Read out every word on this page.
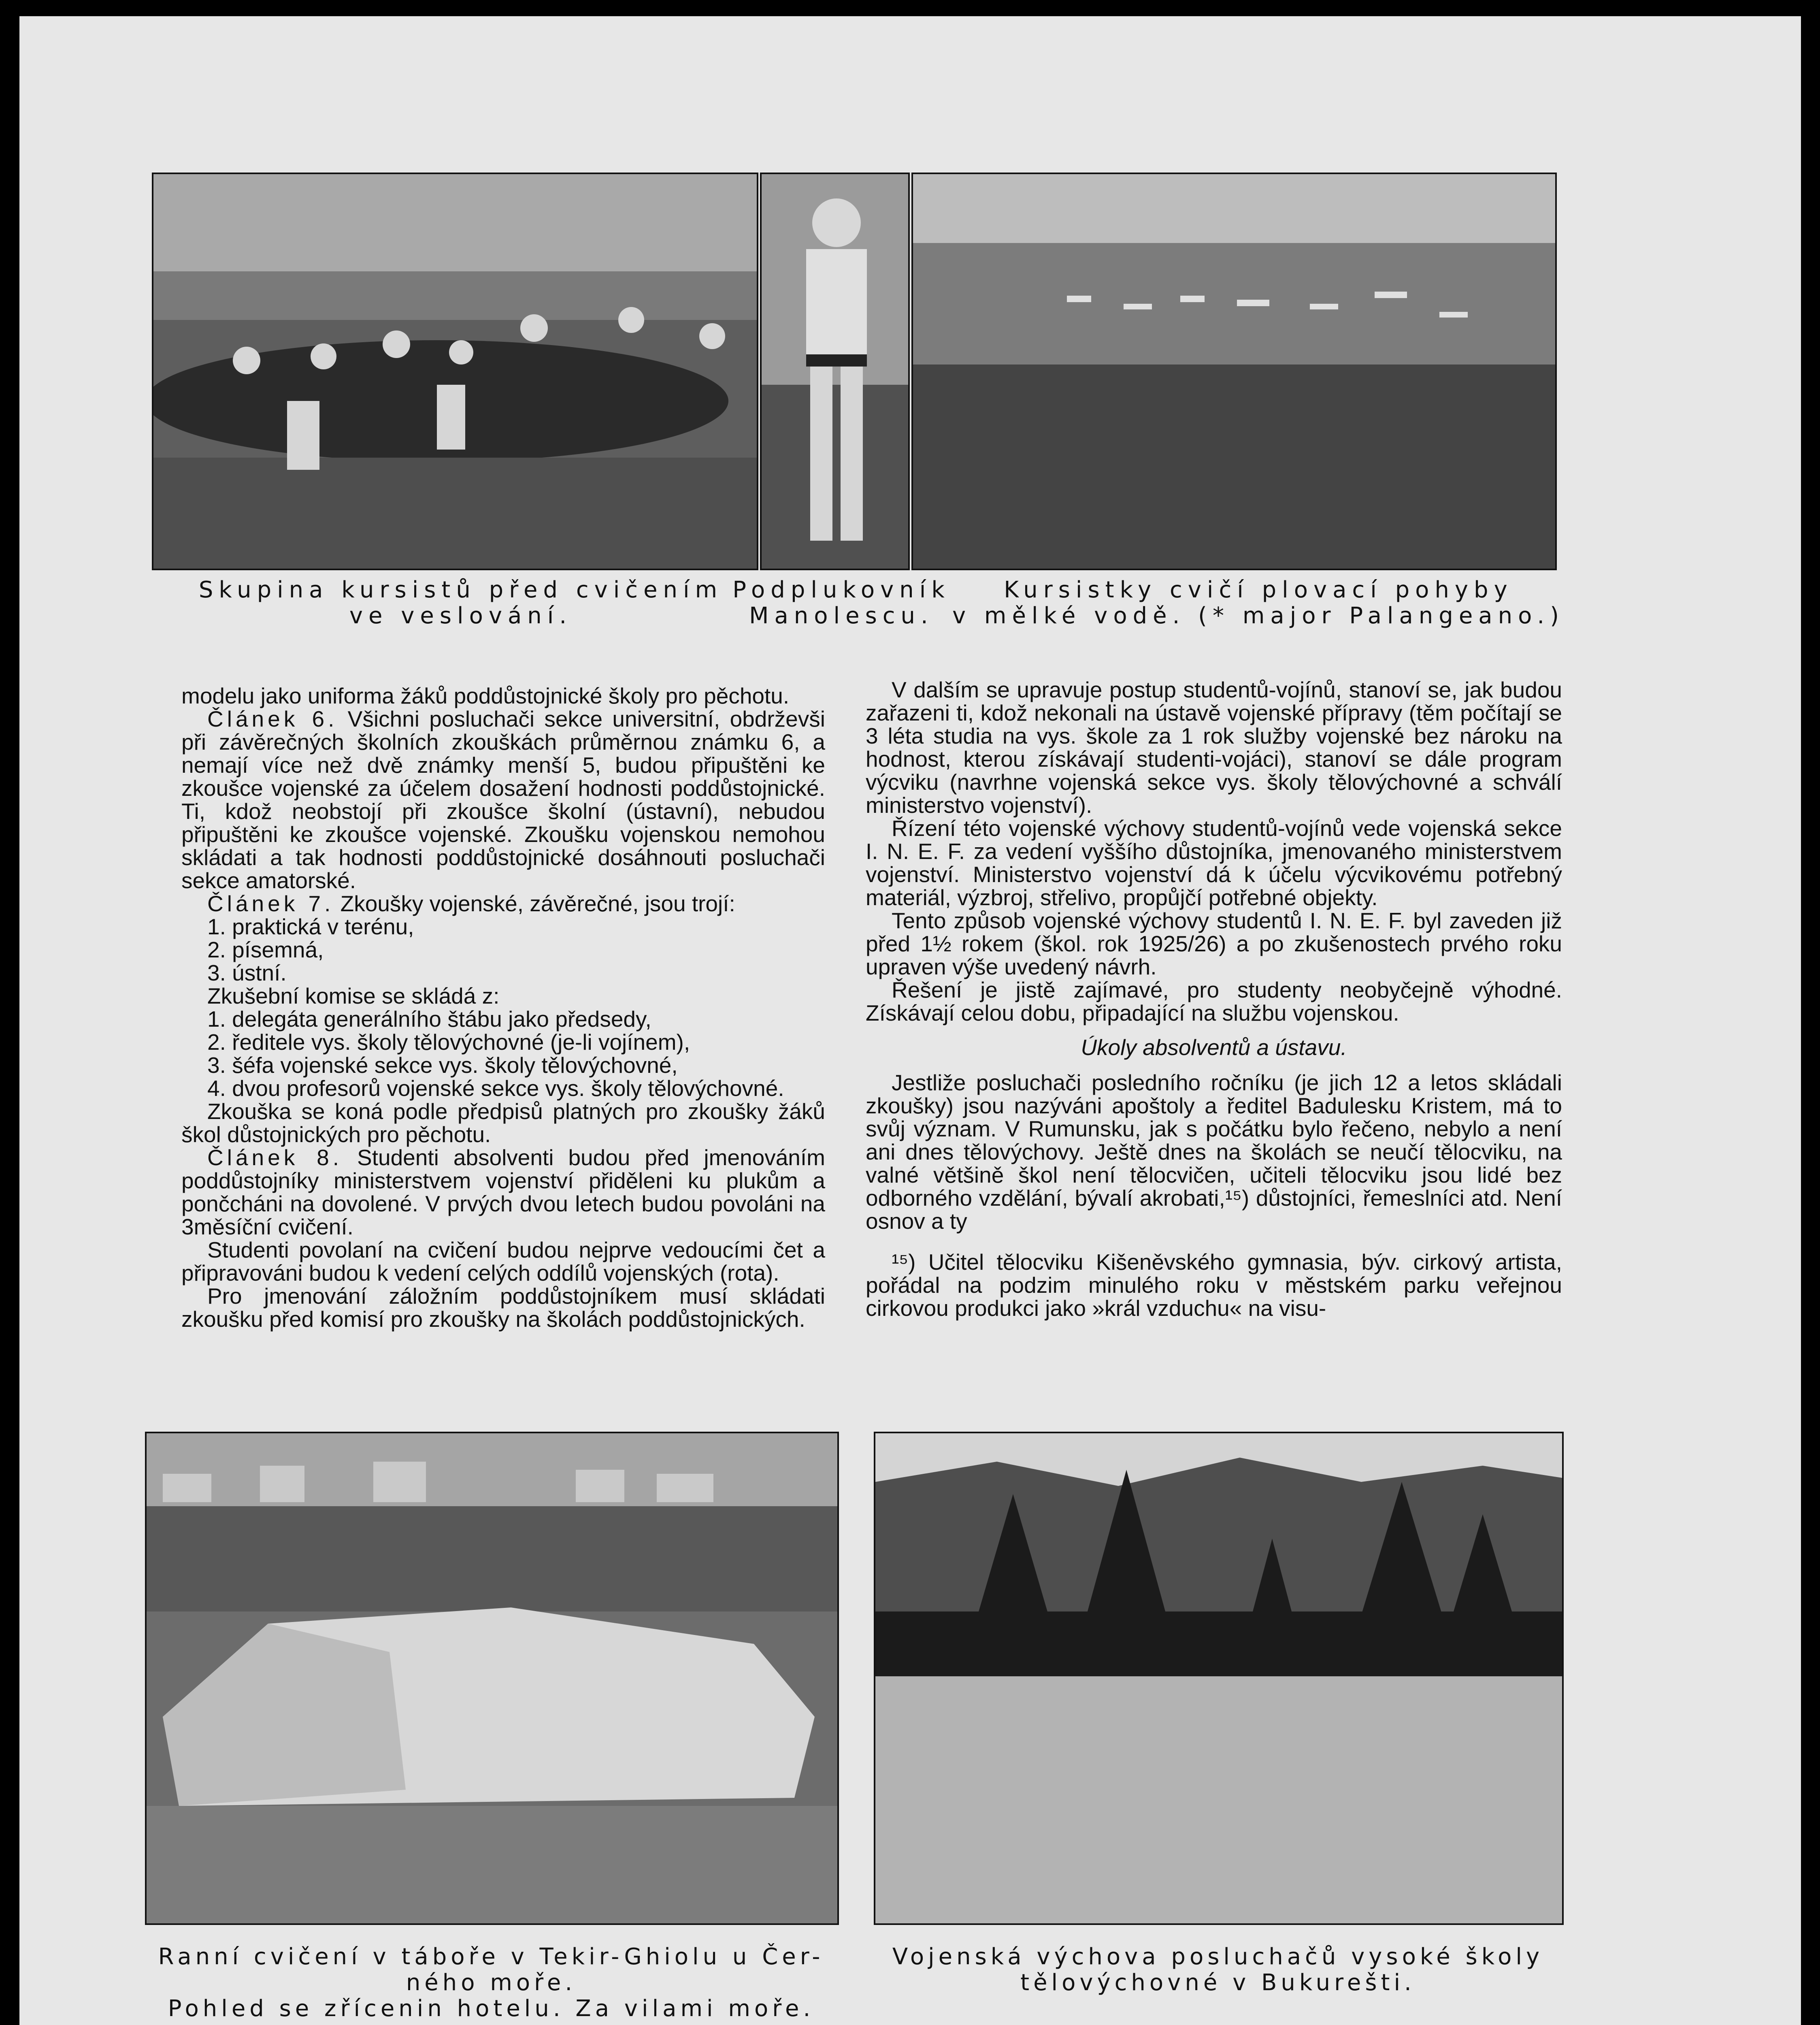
Skupina kursistů před cvičením
ve veslování.
Podplukovník
Manolescu.
Kursistky cvičí plovací pohyby
v mělké vodě. (* major Palangeano.)

modelu jako uniforma žáků poddůstojnické školy pro pěchotu.

Článek 6. Všichni posluchači sekce universitní, obdrževši při závěrečných školních zkouškách průměrnou známku 6, a nemají více než dvě známky menší 5, budou připuštěni ke zkoušce vojenské za účelem dosažení hodnosti poddůstojnické. Ti, kdož neobstojí při zkoušce školní (ústavní), nebudou připuštěni ke zkoušce vojenské. Zkoušku vojenskou nemohou skládati a tak hodnosti poddůstojnické dosáhnouti posluchači sekce amatorské.

Článek 7. Zkoušky vojenské, závěrečné, jsou trojí:

1. praktická v terénu,

2. písemná,

3. ústní.

Zkušební komise se skládá z:

1. delegáta generálního štábu jako předsedy,

2. ředitele vys. školy tělovýchovné (je-li vojínem),

3. šéfa vojenské sekce vys. školy tělovýchovné,

4. dvou profesorů vojenské sekce vys. školy tělovýchovné.

Zkouška se koná podle předpisů platných pro zkoušky žáků škol důstojnických pro pěchotu.

Článek 8. Studenti absolventi budou před jmenováním poddůstojníky ministerstvem vojenství přiděleni ku plukům a pončcháni na dovolené. V prvých dvou letech budou povoláni na 3měsíční cvičení.

Studenti povolaní na cvičení budou nejprve vedoucími čet a připravováni budou k vedení celých oddílů vojenských (rota).

Pro jmenování záložním poddůstojníkem musí skládati zkoušku před komisí pro zkoušky na školách poddůstojnických.

V dalším se upravuje postup studentů-vojínů, stanoví se, jak budou zařazeni ti, kdož nekonali na ústavě vojenské přípravy (těm počítají se 3 léta studia na vys. škole za 1 rok služby vojenské bez nároku na hodnost, kterou získávají studenti-vojáci), stanoví se dále program výcviku (navrhne vojenská sekce vys. školy tělovýchovné a schválí ministerstvo vojenství).

Řízení této vojenské výchovy studentů-vojínů vede vojenská sekce I. N. E. F. za vedení vyššího důstojníka, jmenovaného ministerstvem vojenství. Ministerstvo vojenství dá k účelu výcvikovému potřebný materiál, výzbroj, střelivo, propůjčí potřebné objekty.

Tento způsob vojenské výchovy studentů I. N. E. F. byl zaveden již před 1½ rokem (škol. rok 1925/26) a po zkušenostech prvého roku upraven výše uvedený návrh.

Řešení je jistě zajímavé, pro studenty neobyčejně výhodné. Získávají celou dobu, připadající na službu vojenskou.

Úkoly absolventů a ústavu.

Jestliže posluchači posledního ročníku (je jich 12 a letos skládali zkoušky) jsou nazýváni apoštoly a ředitel Badulesku Kristem, má to svůj význam. V Rumunsku, jak s počátku bylo řečeno, nebylo a není ani dnes tělovýchovy. Ještě dnes na školách se neučí tělocviku, na valné většině škol není tělocvičen, učiteli tělocviku jsou lidé bez odborného vzdělání, bývalí akrobati,¹⁵) důstojníci, řemeslníci atd. Není osnov a ty

¹⁵) Učitel tělocviku Kišeněvského gymnasia, býv. cirkový artista, pořádal na podzim minulého roku v městském parku veřejnou cirkovou produkci jako »král vzduchu« na visu-

Ranní cvičení v táboře v Tekir-Ghiolu u Čer-
ného moře.
Pohled se zřícenin hotelu. Za vilami moře.
Vojenská výchova posluchačů vysoké školy
tělovýchovné v Bukurešti.
